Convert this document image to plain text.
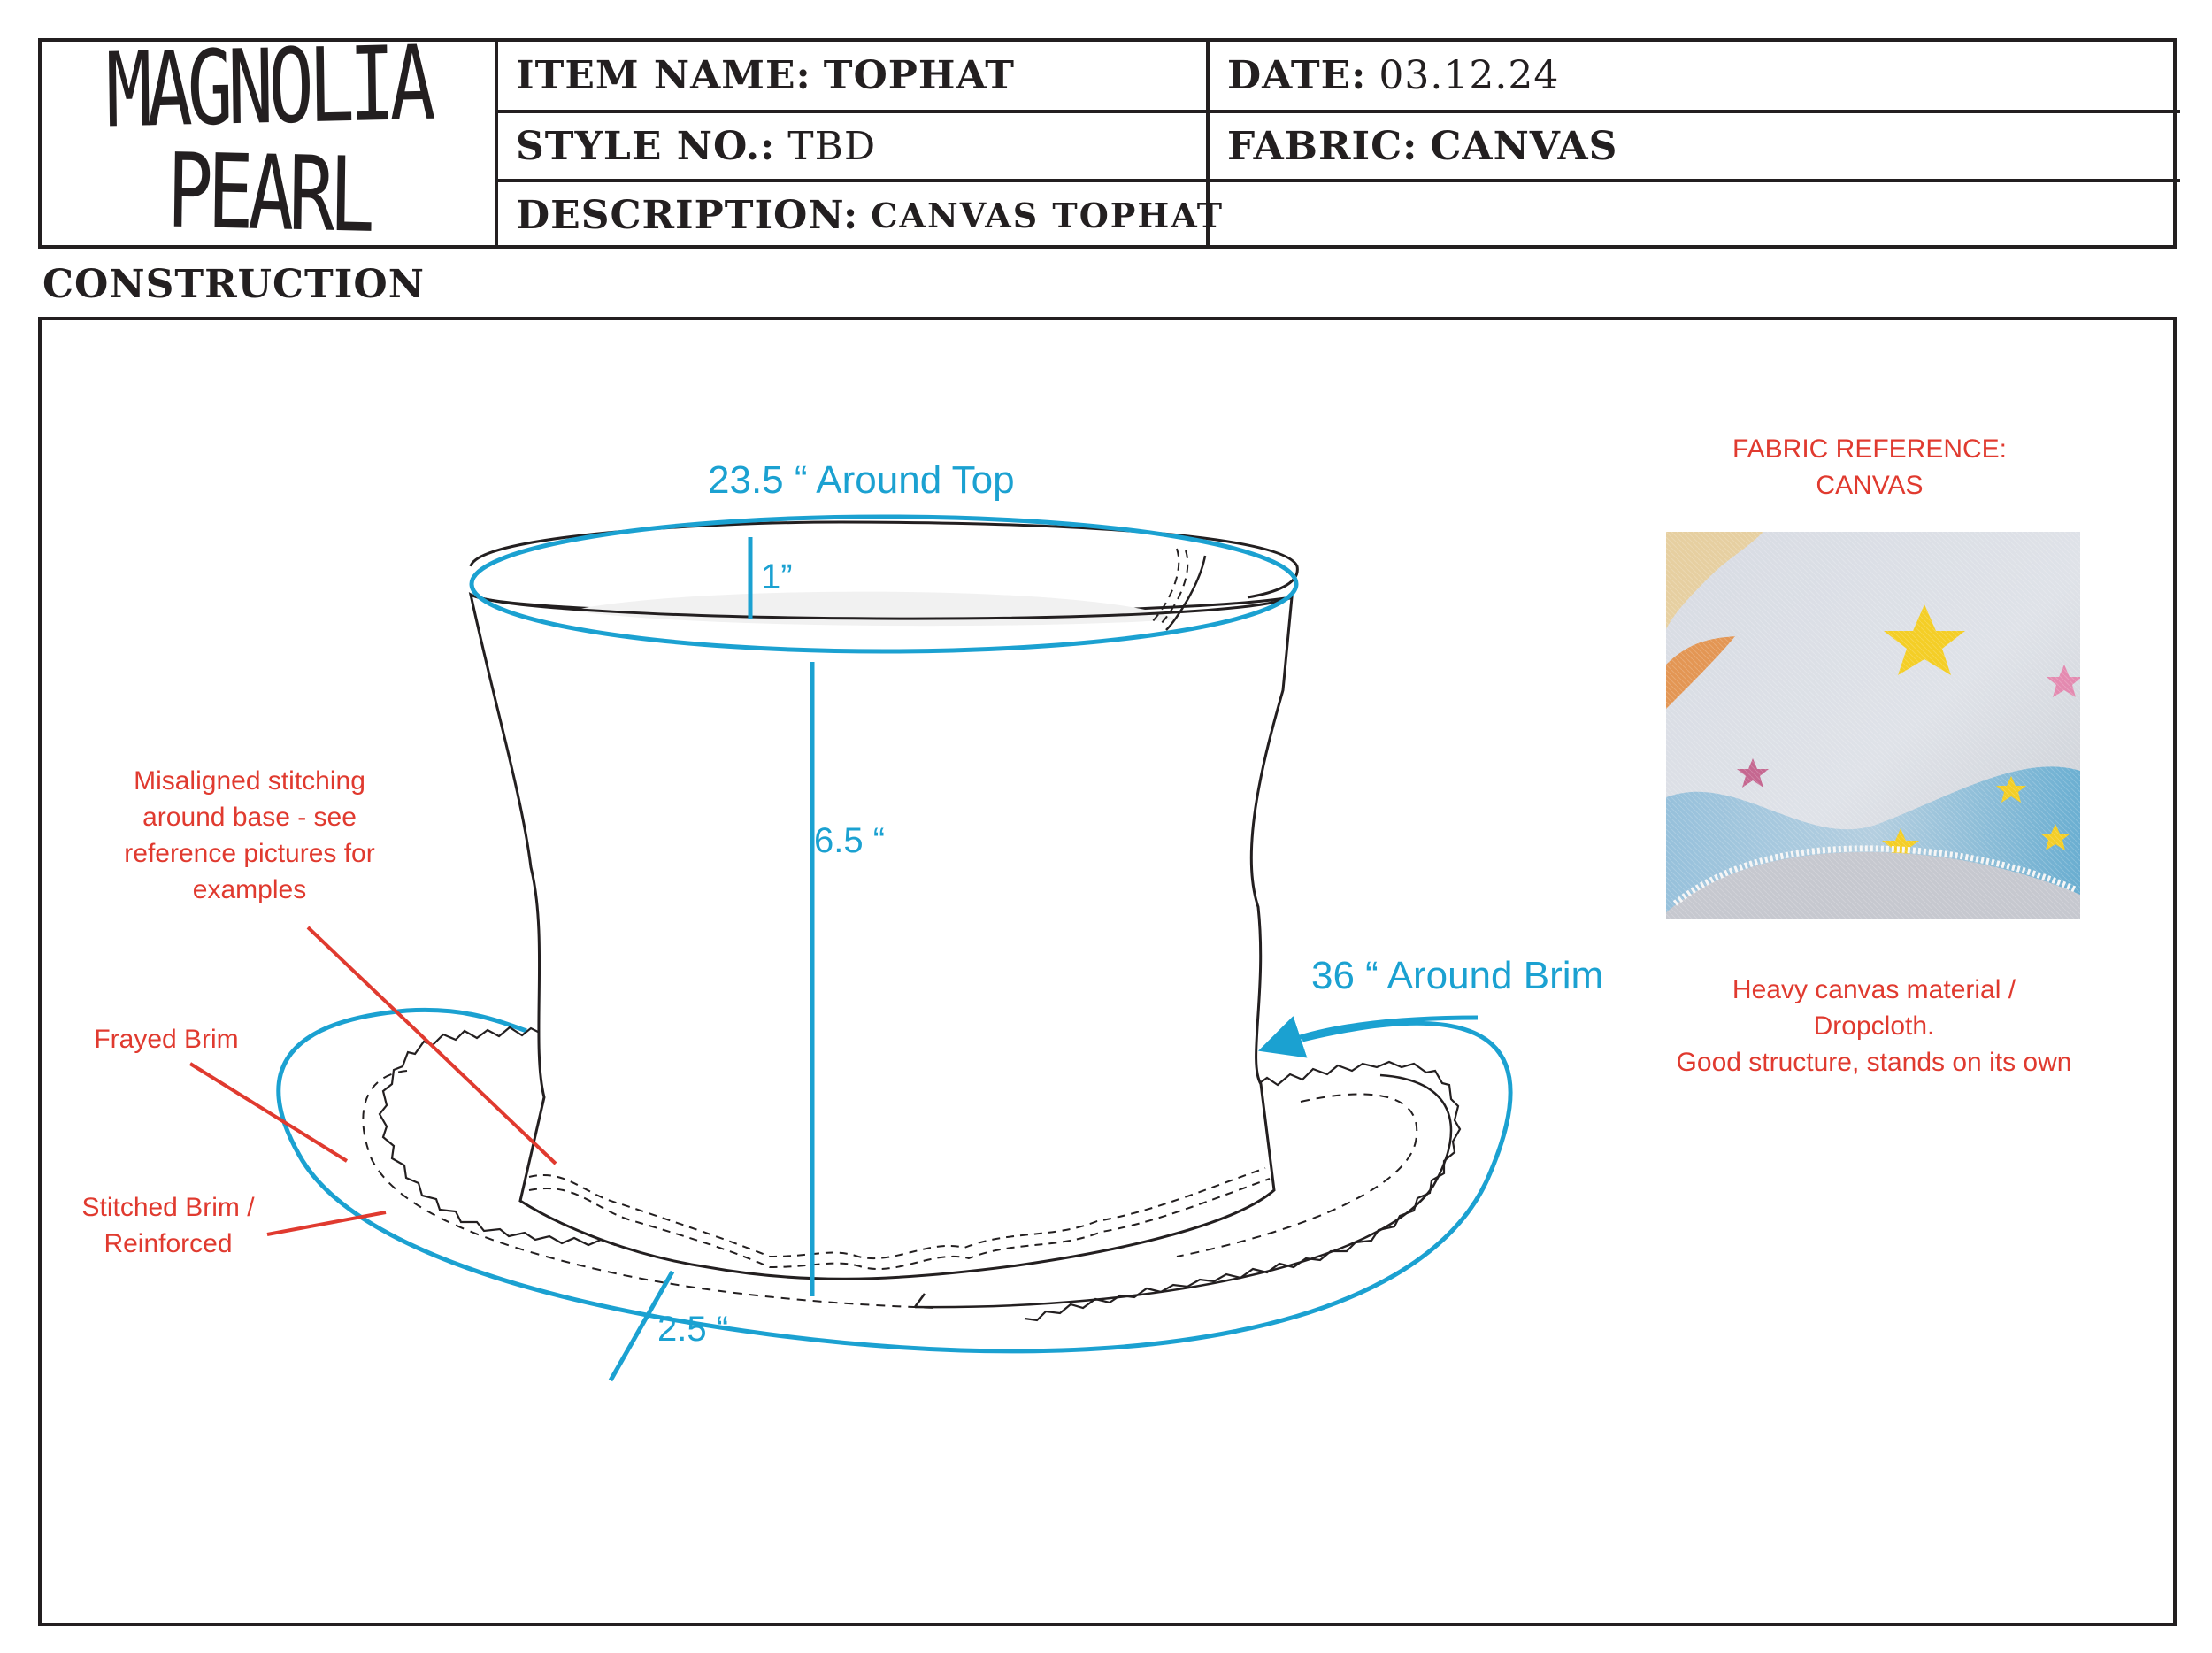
MAGNOLIA
PEARL
ITEM NAME: TOPHAT	DATE: 03.12.24
STYLE NO.: TBD	FABRIC: CANVAS
DESCRIPTION: CANVAS TOPHAT
CONSTRUCTION
23.5 “ Around Top
1”
6.5 “
36 “ Around Brim
2.5 “
Misaligned stitching
around base - see
reference pictures for
examples
Frayed Brim
Stitched Brim /
Reinforced
FABRIC REFERENCE:
CANVAS
Heavy canvas material /
Dropcloth.
Good structure, stands on its own
